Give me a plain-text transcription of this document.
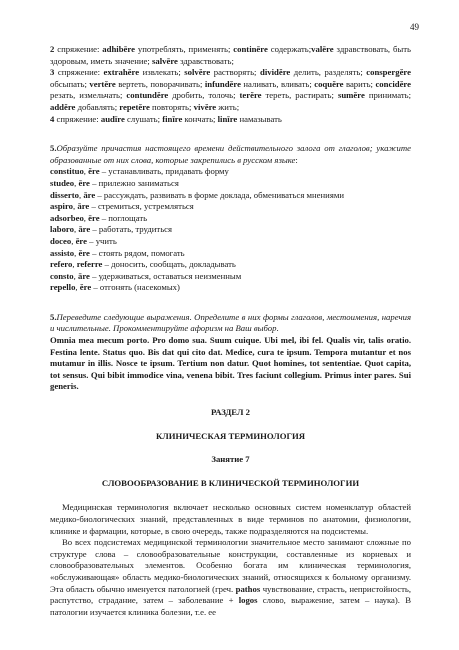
49

2 спряжение: adhibēre употреблять, применять; continēre содержать;valēre здравствовать, быть здоровым, иметь значение; salvēre здравствовать;

3 спряжение: extrahĕre извлекать; solvĕre растворять; dividĕre делить, разделять; conspergĕre обсыпать; vertĕre вертеть, поворачивать; infundĕre наливать, вливать; coquĕre варить; concidĕre резать, измельчать; contundĕre дробить, толочь; terĕre тереть, растирать; sumĕre принимать; addĕre добавлять; repetĕre повторять; vivĕre жить;

4 спряжение: audīre слушать; finīre кончать; linīre намазывать

5.Образуйте причастия настоящего времени действительного залога от глаголов; укажите образованные от них слова, которые закрепились в русском языке:

constituo, ĕre – устанавливать, придавать форму

studeo, ēre – прилежно заниматься

disserto, āre – рассуждать, развивать в форме доклада, обмениваться мнениями

aspiro, āre – стремиться, устремляться

adsorbeo, ēre – поглощать

laboro, āre – работать, трудиться

doceo, ēre – учить

assisto, ĕre – стоять рядом, помогать

refero, referre – доносить, сообщать, докладывать

consto, āre – удерживаться, оставаться неизменным

repello, ĕre – отгонять (насекомых)

5.Переведите следующие выражения. Определите в них формы глаголов, местоимения, наречия и числительные. Прокомментируйте афоризм на Ваш выбор.

Omnia mea mecum porto. Pro domo sua. Suum cuique. Ubi mel, ibi fel. Qualis vir, talis oratio. Festina lente. Status quo. Bis dat qui cito dat. Medice, cura te ipsum. Tempora mutantur et nos mutamur in illis. Nosce te ipsum. Tertium non datur. Quot homines, tot sententiae. Quot capita, tot sensus. Qui bibit immodice vina, venena bibit. Tres faciunt collegium. Primus inter pares. Sui generis.

РАЗДЕЛ 2

КЛИНИЧЕСКАЯ ТЕРМИНОЛОГИЯ

Занятие 7

СЛОВООБРАЗОВАНИЕ В КЛИНИЧЕСКОЙ ТЕРМИНОЛОГИИ

Медицинская терминология включает несколько основных систем номенклатур областей медико-биологических знаний, представленных в виде терминов по анатомии, физиологии, клинике и фармации, которые, в свою очередь, также подразделяются на подсистемы.

Во всех подсистемах медицинской терминологии значительное место занимают сложные по структуре слова – словообразовательные конструкции, составленные из корневых и словообразовательных элементов. Особенно богата им клиническая терминология, «обслуживающая» область медико-биологических знаний, относящихся к больному организму. Эта область обычно именуется патологией (греч. pathos чувствование, страсть, непристойность, распутство, страдание, затем – заболевание + logos слово, выражение, затем – наука). В патологии изучается клиника болезни, т.е. ее
